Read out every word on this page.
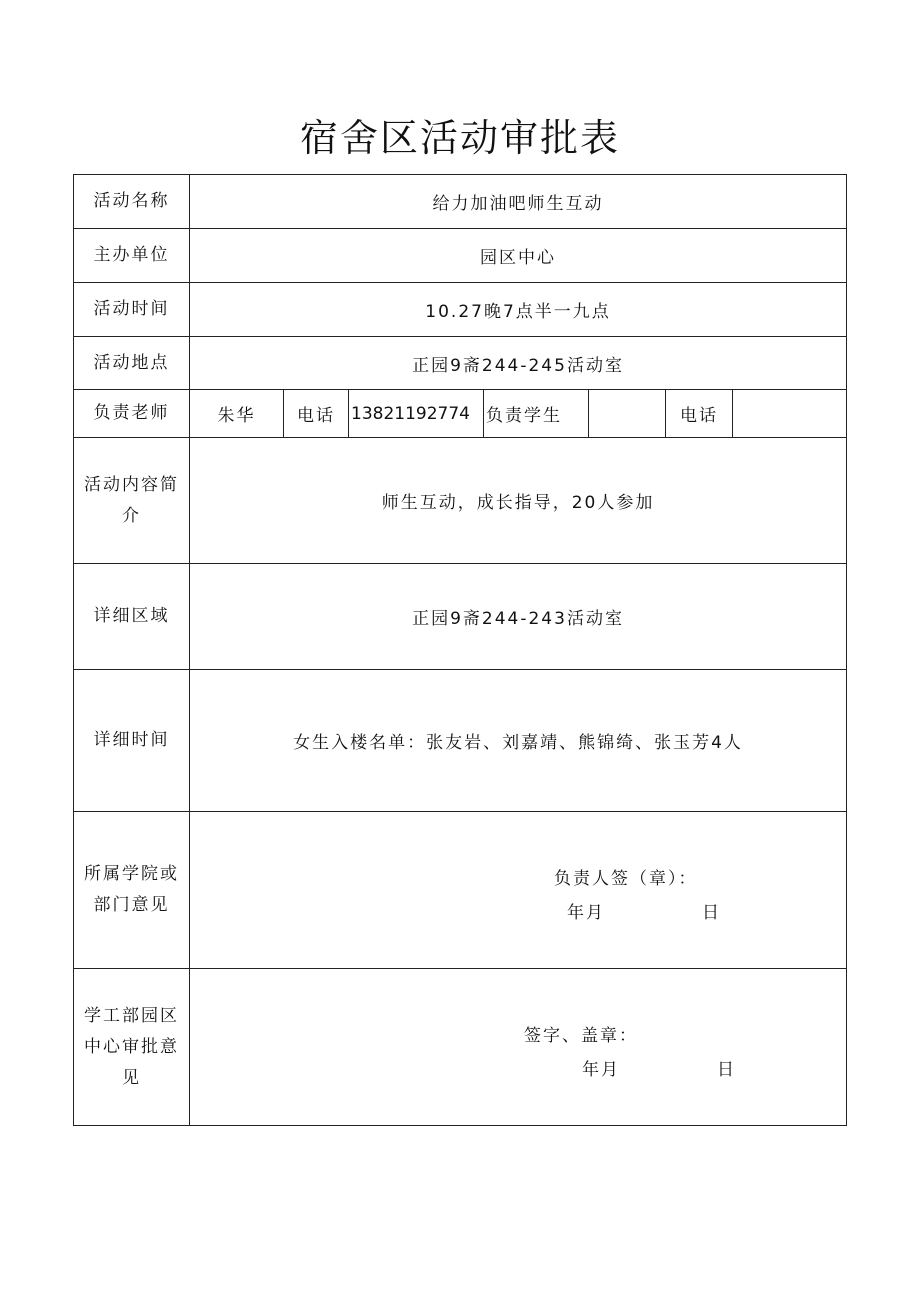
宿舍区活动审批表
活动名称	给力加油吧师生互动						
主办单位	园区中心						
活动时间	10.27晚7点半一九点						
活动地点	正园9斋244-245活动室						
负责老师	朱华	电话	13821192774	负责学生		电话	
活动内容简介	师生互动，成长指导，20人参加						
详细区域	正园9斋244-243活动室						
详细时间	女生入楼名单：张友岩、刘嘉靖、熊锦绮、张玉芳4人						
所属学院或部门意见	负责人签（章）：
年月 日						

学工部园区中心审批意见	签字、盖章：
年月 日						
